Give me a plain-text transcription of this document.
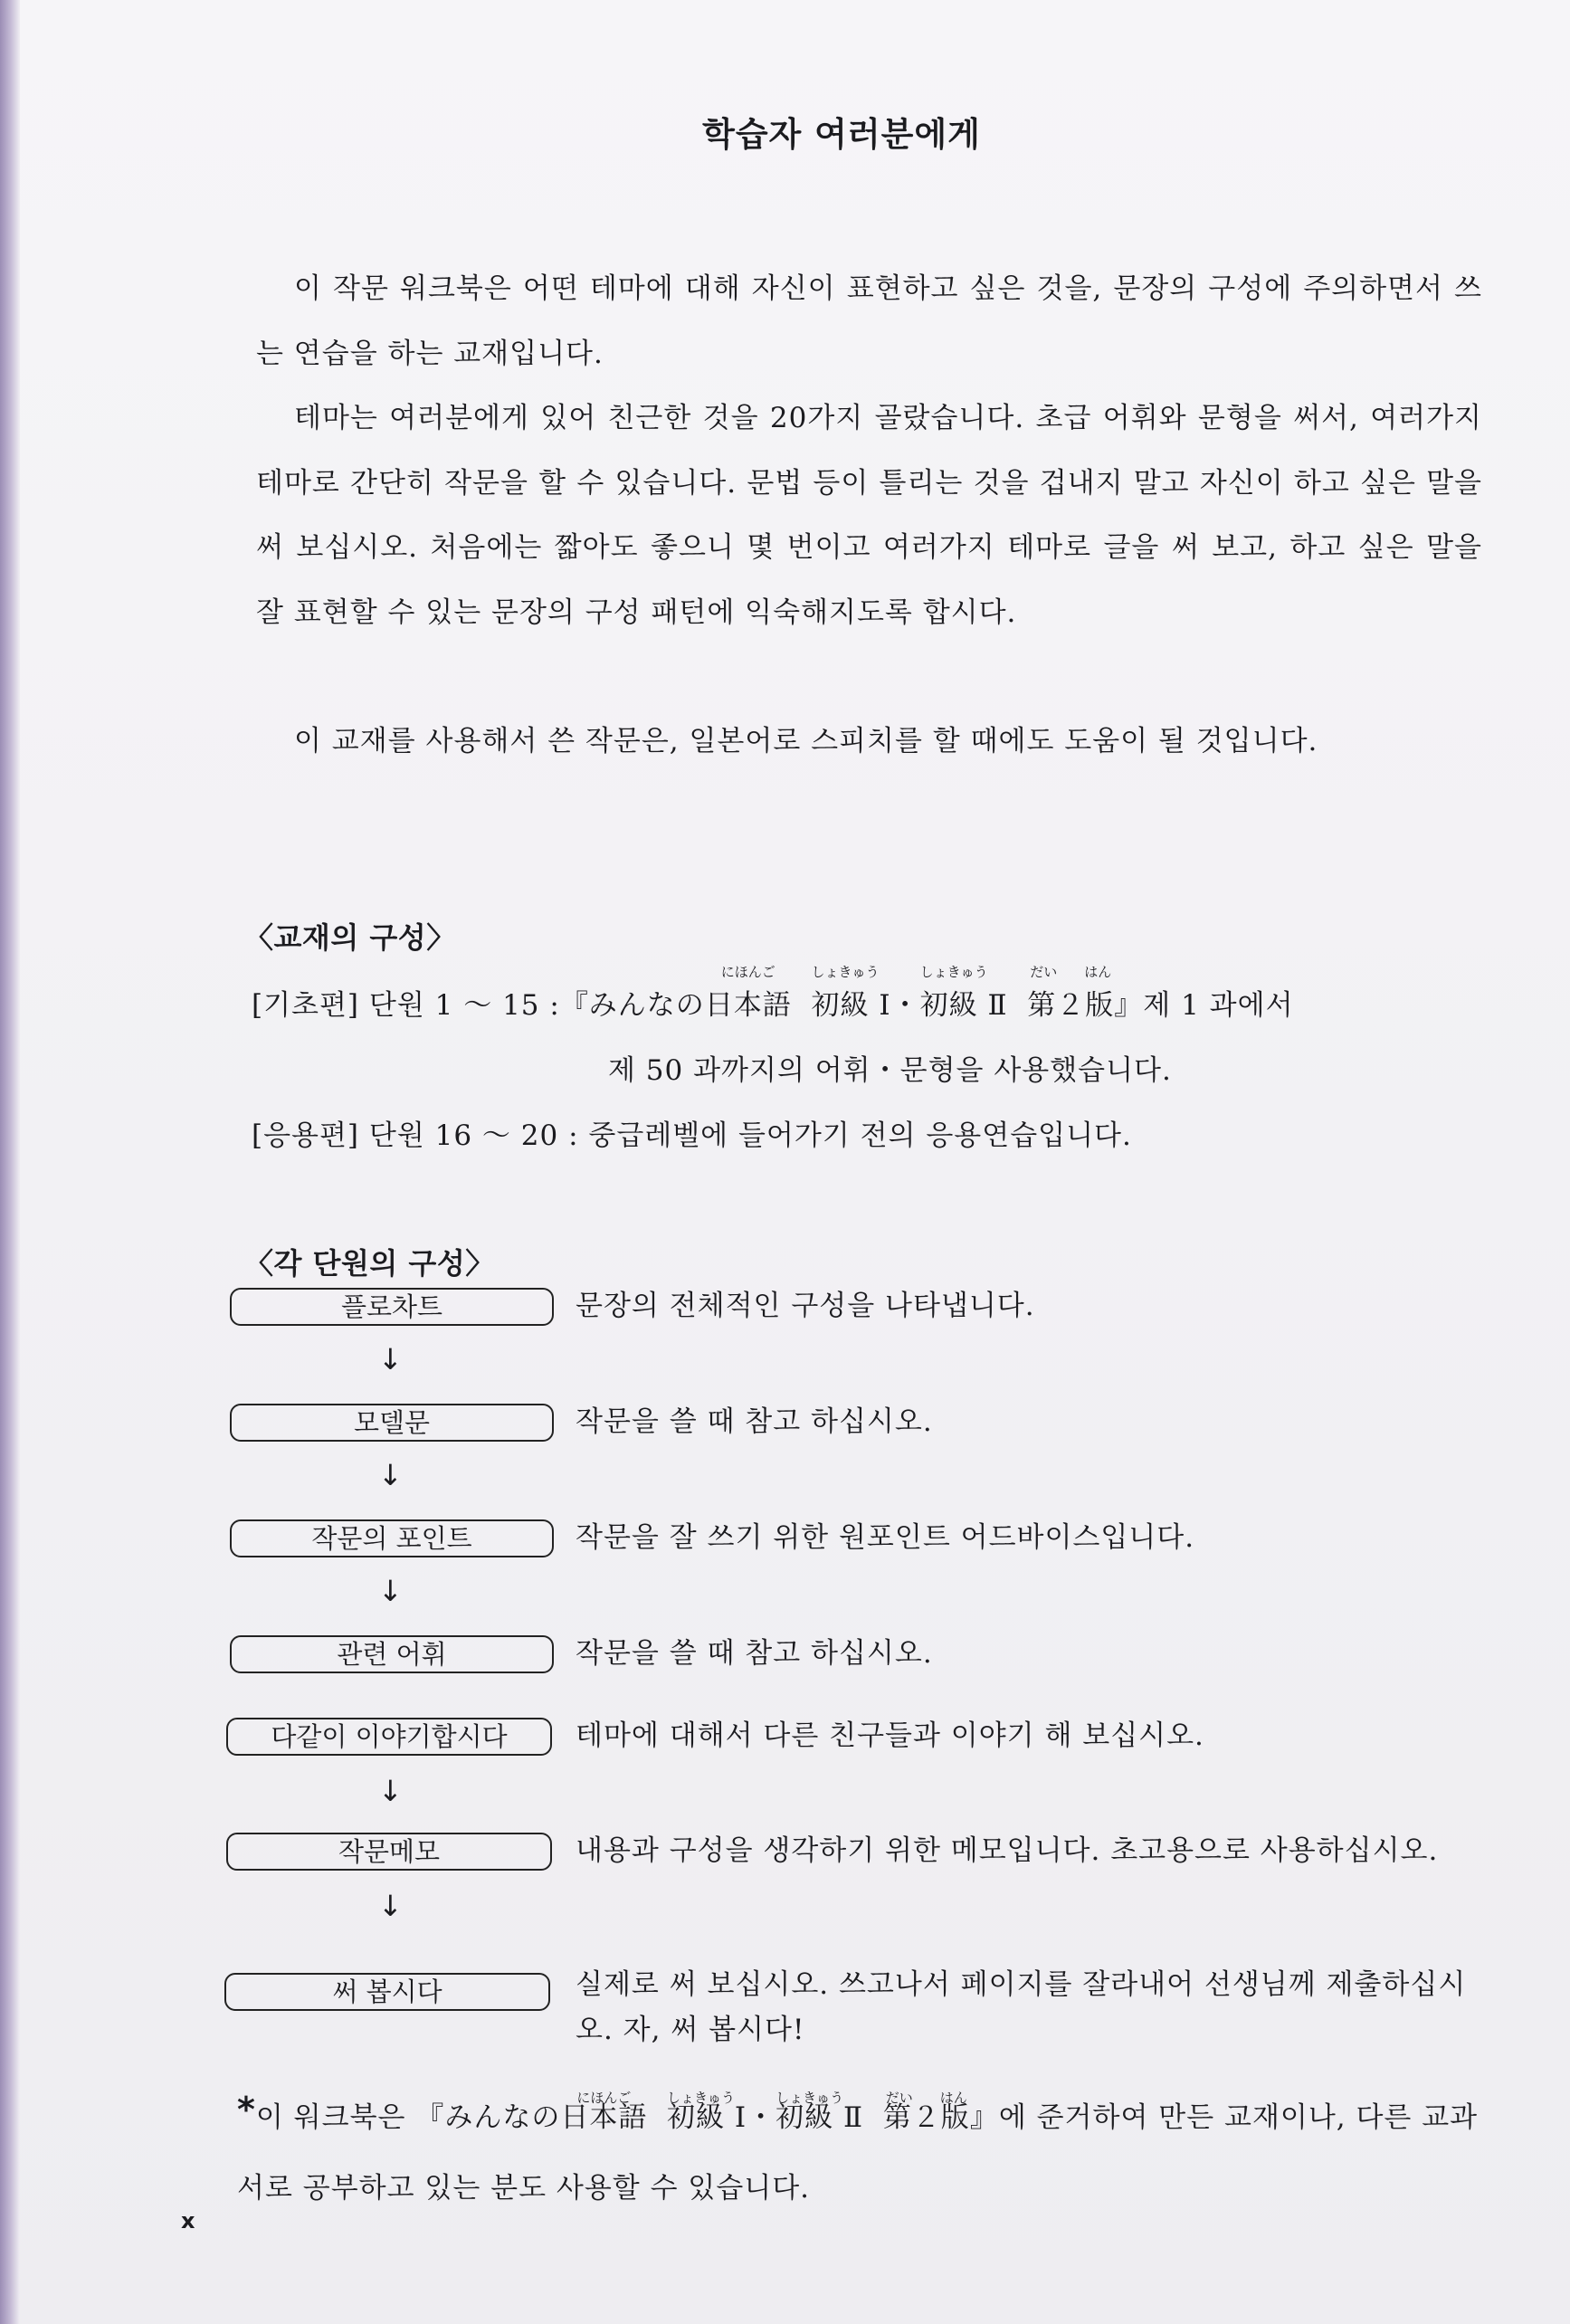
학습자 여러분에게
이 작문 워크북은 어떤 테마에 대해 자신이 표현하고 싶은 것을, 문장의 구성에 주의하면서 쓰는 연습을 하는 교재입니다.
테마는 여러분에게 있어 친근한 것을 20가지 골랐습니다. 초급 어휘와 문형을 써서, 여러가지 테마로 간단히 작문을 할 수 있습니다. 문법 등이 틀리는 것을 겁내지 말고 자신이 하고 싶은 말을 써 보십시오. 처음에는 짧아도 좋으니 몇 번이고 여러가지 테마로 글을 써 보고, 하고 싶은 말을 잘 표현할 수 있는 문장의 구성 패턴에 익숙해지도록 합시다.
이 교재를 사용해서 쓴 작문은, 일본어로 스피치를 할 때에도 도움이 될 것입니다.
〈교재의 구성〉
[기초편] 단원 1 ～ 15 :『みんなの
にほんご
日本語
しょきゅう
初級 Ⅰ・
しょきゅう
初級 Ⅱ
だい　　はん
第２版』제 1 과에서
제 50 과까지의 어휘・문형을 사용했습니다.
[응용편] 단원 16 ～ 20 : 중급레벨에 들어가기 전의 응용연습입니다.
〈각 단원의 구성〉
플로차트	문장의 전체적인 구성을 나타냅니다.
↓
모델문	작문을 쓸 때 참고 하십시오.
↓
작문의 포인트	작문을 잘 쓰기 위한 원포인트 어드바이스입니다.
↓
관련 어휘	작문을 쓸 때 참고 하십시오.
다같이 이야기합시다	테마에 대해서 다른 친구들과 이야기 해 보십시오.
↓
작문메모	내용과 구성을 생각하기 위한 메모입니다. 초고용으로 사용하십시오.
↓
써 봅시다	실제로 써 보십시오. 쓰고나서 페이지를 잘라내어 선생님께 제출하십시오. 자, 써 봅시다!
*이 워크북은 『みんなの
にほんご
日本語
しょきゅう
初級 Ⅰ・
しょきゅう
初級 Ⅱ
だい　　はん
第２版』에 준거하여 만든 교재이나, 다른 교과서로 공부하고 있는 분도 사용할 수 있습니다.
x
